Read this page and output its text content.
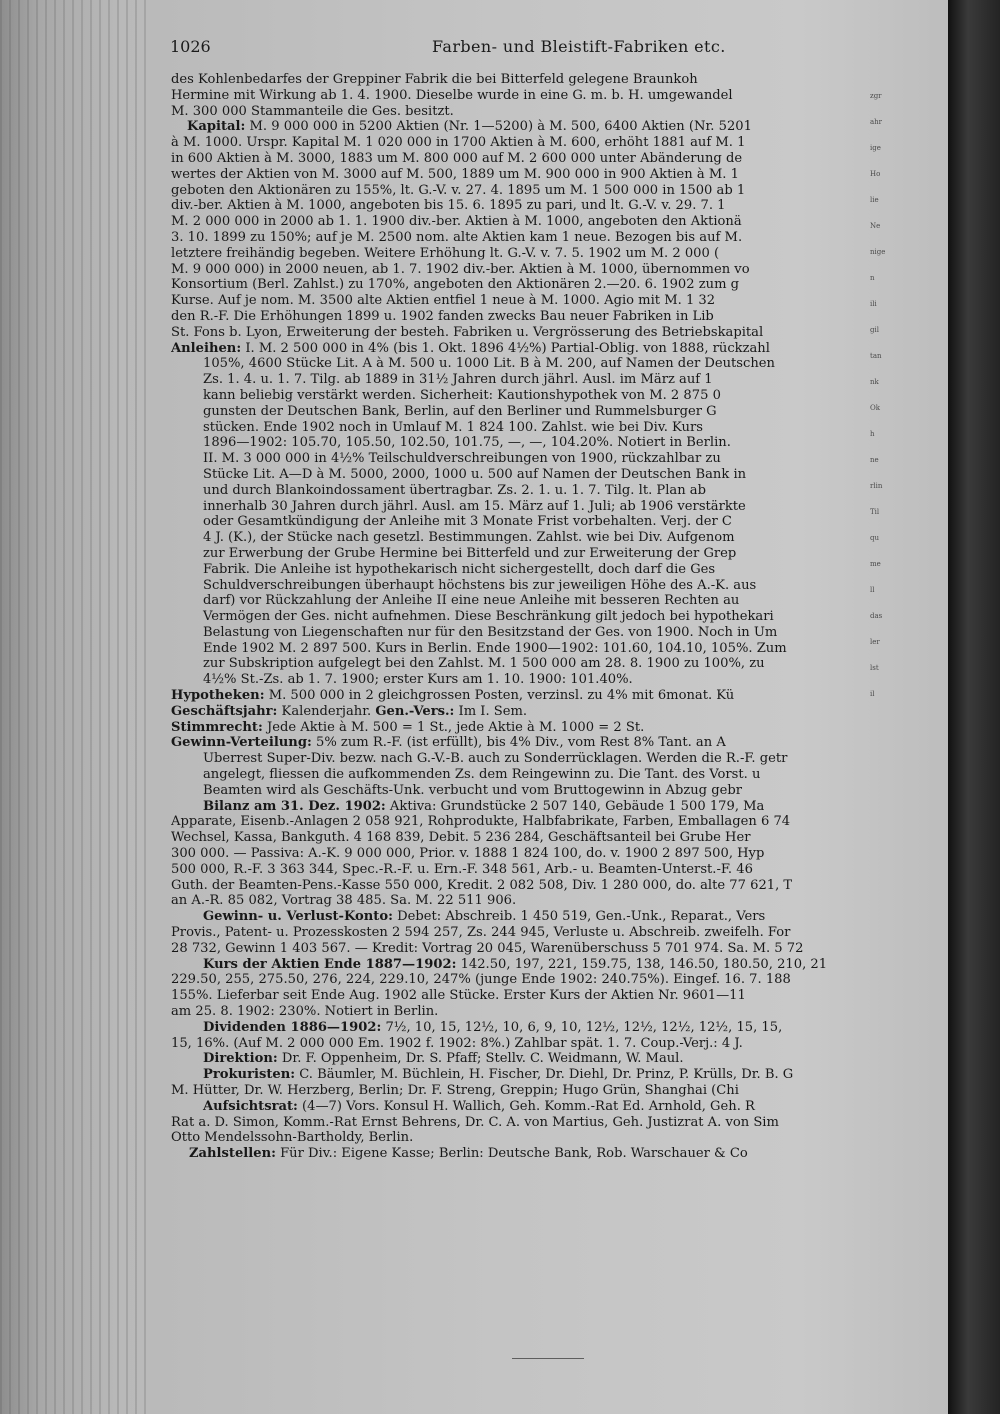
1026	Farben- und Bleistift-Fabriken etc.
des Kohlenbedarfes der Greppiner Fabrik die bei Bitterfeld gelegene Braunkoh
Hermine mit Wirkung ab 1. 4. 1900. Dieselbe wurde in eine G. m. b. H. umgewandel
M. 300 000 Stammanteile die Ges. besitzt.
Kapital: M. 9 000 000 in 5200 Aktien (Nr. 1—5200) à M. 500, 6400 Aktien (Nr. 5201
à M. 1000. Urspr. Kapital M. 1 020 000 in 1700 Aktien à M. 600, erhöht 1881 auf M. 1
in 600 Aktien à M. 3000, 1883 um M. 800 000 auf M. 2 600 000 unter Abänderung de
wertes der Aktien von M. 3000 auf M. 500, 1889 um M. 900 000 in 900 Aktien à M. 1
geboten den Aktionären zu 155%, lt. G.-V. v. 27. 4. 1895 um M. 1 500 000 in 1500 ab 1
div.-ber. Aktien à M. 1000, angeboten bis 15. 6. 1895 zu pari, und lt. G.-V. v. 29. 7. 1
M. 2 000 000 in 2000 ab 1. 1. 1900 div.-ber. Aktien à M. 1000, angeboten den Aktionä
3. 10. 1899 zu 150%; auf je M. 2500 nom. alte Aktien kam 1 neue. Bezogen bis auf M.
letztere freihändig begeben. Weitere Erhöhung lt. G.-V. v. 7. 5. 1902 um M. 2 000 (
M. 9 000 000) in 2000 neuen, ab 1. 7. 1902 div.-ber. Aktien à M. 1000, übernommen vo
Konsortium (Berl. Zahlst.) zu 170%, angeboten den Aktionären 2.—20. 6. 1902 zum g
Kurse. Auf je nom. M. 3500 alte Aktien entfiel 1 neue à M. 1000. Agio mit M. 1 32
den R.-F. Die Erhöhungen 1899 u. 1902 fanden zwecks Bau neuer Fabriken in Lib
St. Fons b. Lyon, Erweiterung der besteh. Fabriken u. Vergrösserung des Betriebskapital
Anleihen: I. M. 2 500 000 in 4% (bis 1. Okt. 1896 4½%) Partial-Oblig. von 1888, rückzahl
105%, 4600 Stücke Lit. A à M. 500 u. 1000 Lit. B à M. 200, auf Namen der Deutschen
Zs. 1. 4. u. 1. 7. Tilg. ab 1889 in 31½ Jahren durch jährl. Ausl. im März auf 1
kann beliebig verstärkt werden. Sicherheit: Kautionshypothek von M. 2 875 0
gunsten der Deutschen Bank, Berlin, auf den Berliner und Rummelsburger G
stücken. Ende 1902 noch in Umlauf M. 1 824 100. Zahlst. wie bei Div. Kurs
1896—1902: 105.70, 105.50, 102.50, 101.75, —, —, 104.20%. Notiert in Berlin.
II. M. 3 000 000 in 4½% Teilschuldverschreibungen von 1900, rückzahlbar zu
Stücke Lit. A—D à M. 5000, 2000, 1000 u. 500 auf Namen der Deutschen Bank in
und durch Blankoindossament übertragbar. Zs. 2. 1. u. 1. 7. Tilg. lt. Plan ab
innerhalb 30 Jahren durch jährl. Ausl. am 15. März auf 1. Juli; ab 1906 verstärkte
oder Gesamtkündigung der Anleihe mit 3 Monate Frist vorbehalten. Verj. der C
4 J. (K.), der Stücke nach gesetzl. Bestimmungen. Zahlst. wie bei Div. Aufgenom
zur Erwerbung der Grube Hermine bei Bitterfeld und zur Erweiterung der Grep
Fabrik. Die Anleihe ist hypothekarisch nicht sichergestellt, doch darf die Ges
Schuldverschreibungen überhaupt höchstens bis zur jeweiligen Höhe des A.-K. aus
darf) vor Rückzahlung der Anleihe II eine neue Anleihe mit besseren Rechten au
Vermögen der Ges. nicht aufnehmen. Diese Beschränkung gilt jedoch bei hypothekari
Belastung von Liegenschaften nur für den Besitzstand der Ges. von 1900. Noch in Um
Ende 1902 M. 2 897 500. Kurs in Berlin. Ende 1900—1902: 101.60, 104.10, 105%. Zum
zur Subskription aufgelegt bei den Zahlst. M. 1 500 000 am 28. 8. 1900 zu 100%, zu
4½% St.-Zs. ab 1. 7. 1900; erster Kurs am 1. 10. 1900: 101.40%.
Hypotheken: M. 500 000 in 2 gleichgrossen Posten, verzinsl. zu 4% mit 6monat. Kü
Geschäftsjahr: Kalenderjahr. Gen.-Vers.: Im I. Sem.
Stimmrecht: Jede Aktie à M. 500 = 1 St., jede Aktie à M. 1000 = 2 St.
Gewinn-Verteilung: 5% zum R.-F. (ist erfüllt), bis 4% Div., vom Rest 8% Tant. an A
Überrest Super-Div. bezw. nach G.-V.-B. auch zu Sonderrücklagen. Werden die R.-F. getr
angelegt, fliessen die aufkommenden Zs. dem Reingewinn zu. Die Tant. des Vorst. u
Beamten wird als Geschäfts-Unk. verbucht und vom Bruttogewinn in Abzug gebr
Bilanz am 31. Dez. 1902: Aktiva: Grundstücke 2 507 140, Gebäude 1 500 179, Ma
Apparate, Eisenb.-Anlagen 2 058 921, Rohprodukte, Halbfabrikate, Farben, Emballagen 6 74
Wechsel, Kassa, Bankguth. 4 168 839, Debit. 5 236 284, Geschäftsanteil bei Grube Her
300 000. — Passiva: A.-K. 9 000 000, Prior. v. 1888 1 824 100, do. v. 1900 2 897 500, Hyp
500 000, R.-F. 3 363 344, Spec.-R.-F. u. Ern.-F. 348 561, Arb.- u. Beamten-Unterst.-F. 46
Guth. der Beamten-Pens.-Kasse 550 000, Kredit. 2 082 508, Div. 1 280 000, do. alte 77 621, T
an A.-R. 85 082, Vortrag 38 485. Sa. M. 22 511 906.
Gewinn- u. Verlust-Konto: Debet: Abschreib. 1 450 519, Gen.-Unk., Reparat., Vers
Provis., Patent- u. Prozesskosten 2 594 257, Zs. 244 945, Verluste u. Abschreib. zweifelh. For
28 732, Gewinn 1 403 567. — Kredit: Vortrag 20 045, Warenüberschuss 5 701 974. Sa. M. 5 72
Kurs der Aktien Ende 1887—1902: 142.50, 197, 221, 159.75, 138, 146.50, 180.50, 210, 21
229.50, 255, 275.50, 276, 224, 229.10, 247% (junge Ende 1902: 240.75%). Eingef. 16. 7. 188
155%. Lieferbar seit Ende Aug. 1902 alle Stücke. Erster Kurs der Aktien Nr. 9601—11
am 25. 8. 1902: 230%. Notiert in Berlin.
Dividenden 1886—1902: 7½, 10, 15, 12½, 10, 6, 9, 10, 12½, 12½, 12½, 12½, 15, 15,
15, 16%. (Auf M. 2 000 000 Em. 1902 f. 1902: 8%.) Zahlbar spät. 1. 7. Coup.-Verj.: 4 J.
Direktion: Dr. F. Oppenheim, Dr. S. Pfaff; Stellv. C. Weidmann, W. Maul.
Prokuristen: C. Bäumler, M. Büchlein, H. Fischer, Dr. Diehl, Dr. Prinz, P. Krülls, Dr. B. G
M. Hütter, Dr. W. Herzberg, Berlin; Dr. F. Streng, Greppin; Hugo Grün, Shanghai (Chi
Aufsichtsrat: (4—7) Vors. Konsul H. Wallich, Geh. Komm.-Rat Ed. Arnhold, Geh. R
Rat a. D. Simon, Komm.-Rat Ernst Behrens, Dr. C. A. von Martius, Geh. Justizrat A. von Sim
Otto Mendelssohn-Bartholdy, Berlin.
Zahlstellen: Für Div.: Eigene Kasse; Berlin: Deutsche Bank, Rob. Warschauer & Co
zgr
ahr
ige
Ho
lie
Ne
nige
n
ili
gil
tan
nk
Ok
h
ne
rlin
Til
qu
me
ll
das
ler
lst
il
